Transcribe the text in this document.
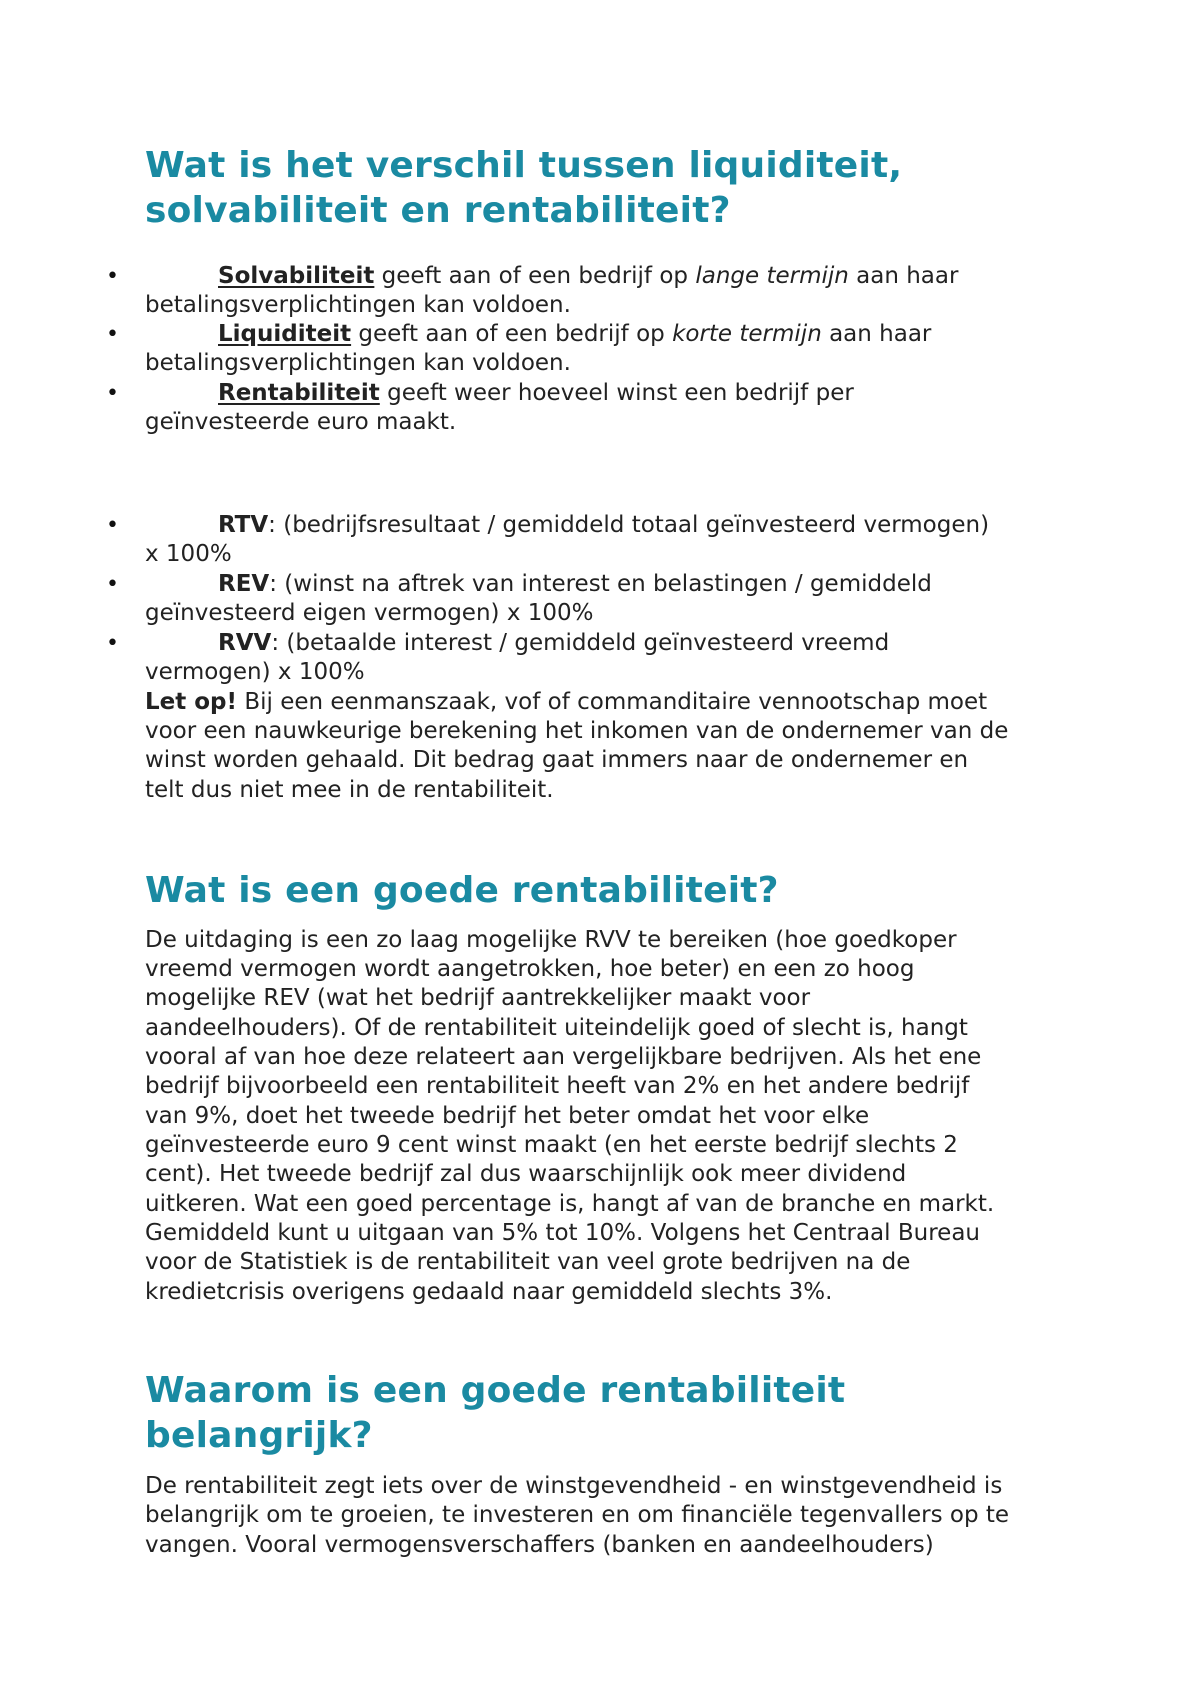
Wat is het verschil tussen liquiditeit,
solvabiliteit en rentabiliteit?
•	Solvabiliteit geeft aan of een bedrijf op lange termijn aan haar
betalingsverplichtingen kan voldoen.
•	Liquiditeit geeft aan of een bedrijf op korte termijn aan haar
betalingsverplichtingen kan voldoen.
•	Rentabiliteit geeft weer hoeveel winst een bedrijf per
geïnvesteerde euro maakt.
•	RTV: (bedrijfsresultaat / gemiddeld totaal geïnvesteerd vermogen)
x 100%
•	REV: (winst na aftrek van interest en belastingen / gemiddeld
geïnvesteerd eigen vermogen) x 100%
•	RVV: (betaalde interest / gemiddeld geïnvesteerd vreemd
vermogen) x 100%
Let op! Bij een eenmanszaak, vof of commanditaire vennootschap moet
voor een nauwkeurige berekening het inkomen van de ondernemer van de
winst worden gehaald. Dit bedrag gaat immers naar de ondernemer en
telt dus niet mee in de rentabiliteit.
Wat is een goede rentabiliteit?
De uitdaging is een zo laag mogelijke RVV te bereiken (hoe goedkoper
vreemd vermogen wordt aangetrokken, hoe beter) en een zo hoog
mogelijke REV (wat het bedrijf aantrekkelijker maakt voor
aandeelhouders). Of de rentabiliteit uiteindelijk goed of slecht is, hangt
vooral af van hoe deze relateert aan vergelijkbare bedrijven. Als het ene
bedrijf bijvoorbeeld een rentabiliteit heeft van 2% en het andere bedrijf
van 9%, doet het tweede bedrijf het beter omdat het voor elke
geïnvesteerde euro 9 cent winst maakt (en het eerste bedrijf slechts 2
cent). Het tweede bedrijf zal dus waarschijnlijk ook meer dividend
uitkeren. Wat een goed percentage is, hangt af van de branche en markt.
Gemiddeld kunt u uitgaan van 5% tot 10%. Volgens het Centraal Bureau
voor de Statistiek is de rentabiliteit van veel grote bedrijven na de
kredietcrisis overigens gedaald naar gemiddeld slechts 3%.
Waarom is een goede rentabiliteit
belangrijk?
De rentabiliteit zegt iets over de winstgevendheid - en winstgevendheid is
belangrijk om te groeien, te investeren en om financiële tegenvallers op te
vangen. Vooral vermogensverschaffers (banken en aandeelhouders)
